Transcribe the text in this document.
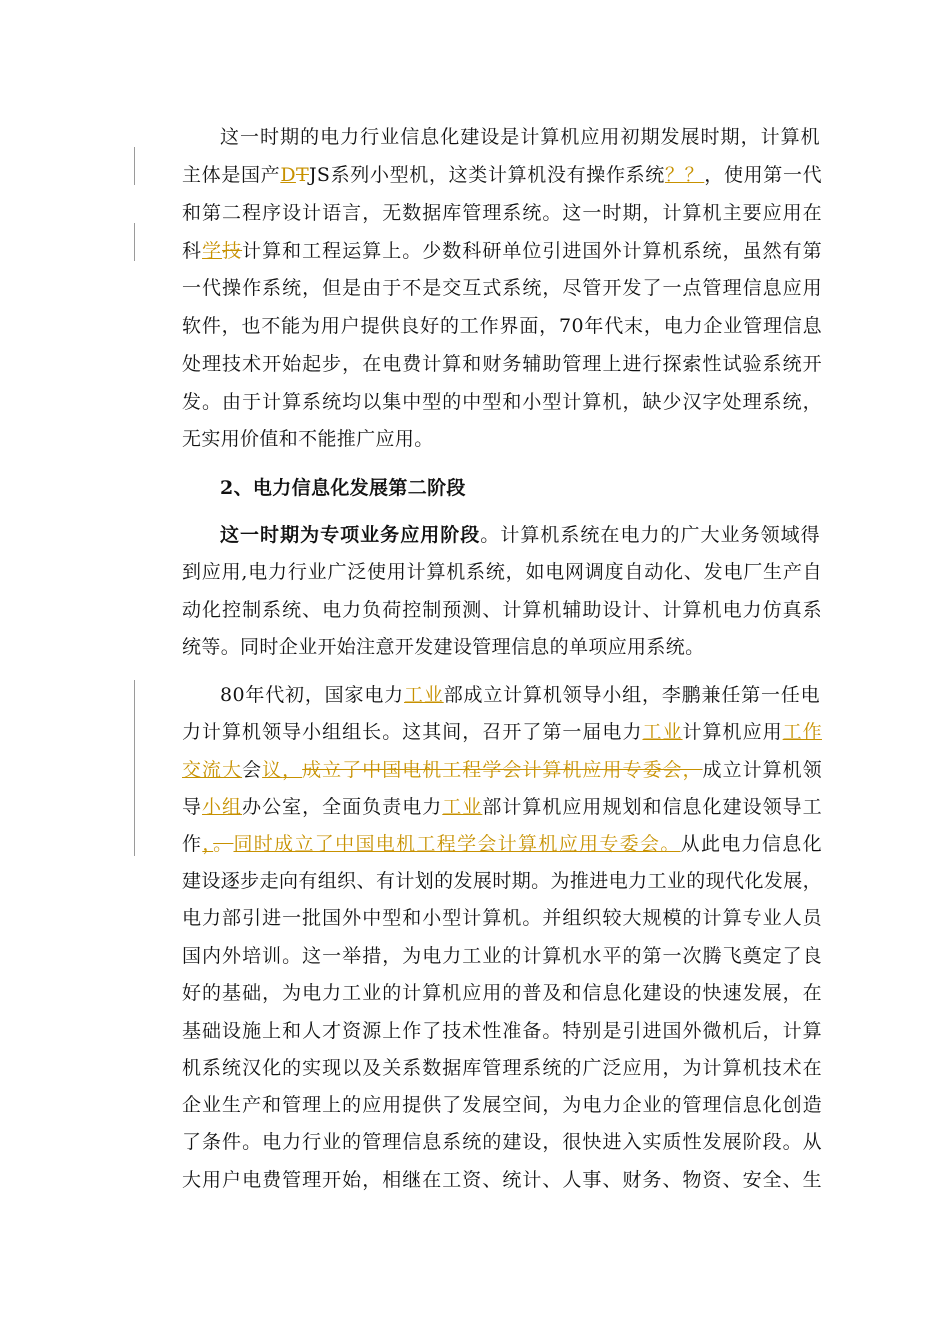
这一时期的电力行业信息化建设是计算机应用初期发展时期，计算机
主体是国产DTJS系列小型机，这类计算机没有操作系统？？，使用第一代
和第二程序设计语言，无数据库管理系统。这一时期，计算机主要应用在
科学技计算和工程运算上。少数科研单位引进国外计算机系统，虽然有第
一代操作系统，但是由于不是交互式系统，尽管开发了一点管理信息应用
软件，也不能为用户提供良好的工作界面，70年代末，电力企业管理信息
处理技术开始起步，在电费计算和财务辅助管理上进行探索性试验系统开
发。由于计算系统均以集中型的中型和小型计算机，缺少汉字处理系统，
无实用价值和不能推广应用。
2、电力信息化发展第二阶段
这一时期为专项业务应用阶段。计算机系统在电力的广大业务领域得
到应用,电力行业广泛使用计算机系统，如电网调度自动化、发电厂生产自
动化控制系统、电力负荷控制预测、计算机辅助设计、计算机电力仿真系
统等。同时企业开始注意开发建设管理信息的单项应用系统。
80年代初，国家电力工业部成立计算机领导小组，李鹏兼任第一任电
力计算机领导小组组长。这其间，召开了第一届电力工业计算机应用工作
交流大会议，成立了中国电机工程学会计算机应用专委会，成立计算机领
导小组办公室，全面负责电力工业部计算机应用规划和信息化建设领导工
作，。同时成立了中国电机工程学会计算机应用专委会。从此电力信息化
建设逐步走向有组织、有计划的发展时期。为推进电力工业的现代化发展，
电力部引进一批国外中型和小型计算机。并组织较大规模的计算专业人员
国内外培训。这一举措，为电力工业的计算机水平的第一次腾飞奠定了良
好的基础，为电力工业的计算机应用的普及和信息化建设的快速发展，在
基础设施上和人才资源上作了技术性准备。特别是引进国外微机后，计算
机系统汉化的实现以及关系数据库管理系统的广泛应用，为计算机技术在
企业生产和管理上的应用提供了发展空间，为电力企业的管理信息化创造
了条件。电力行业的管理信息系统的建设，很快进入实质性发展阶段。从
大用户电费管理开始，相继在工资、统计、人事、财务、物资、安全、生
